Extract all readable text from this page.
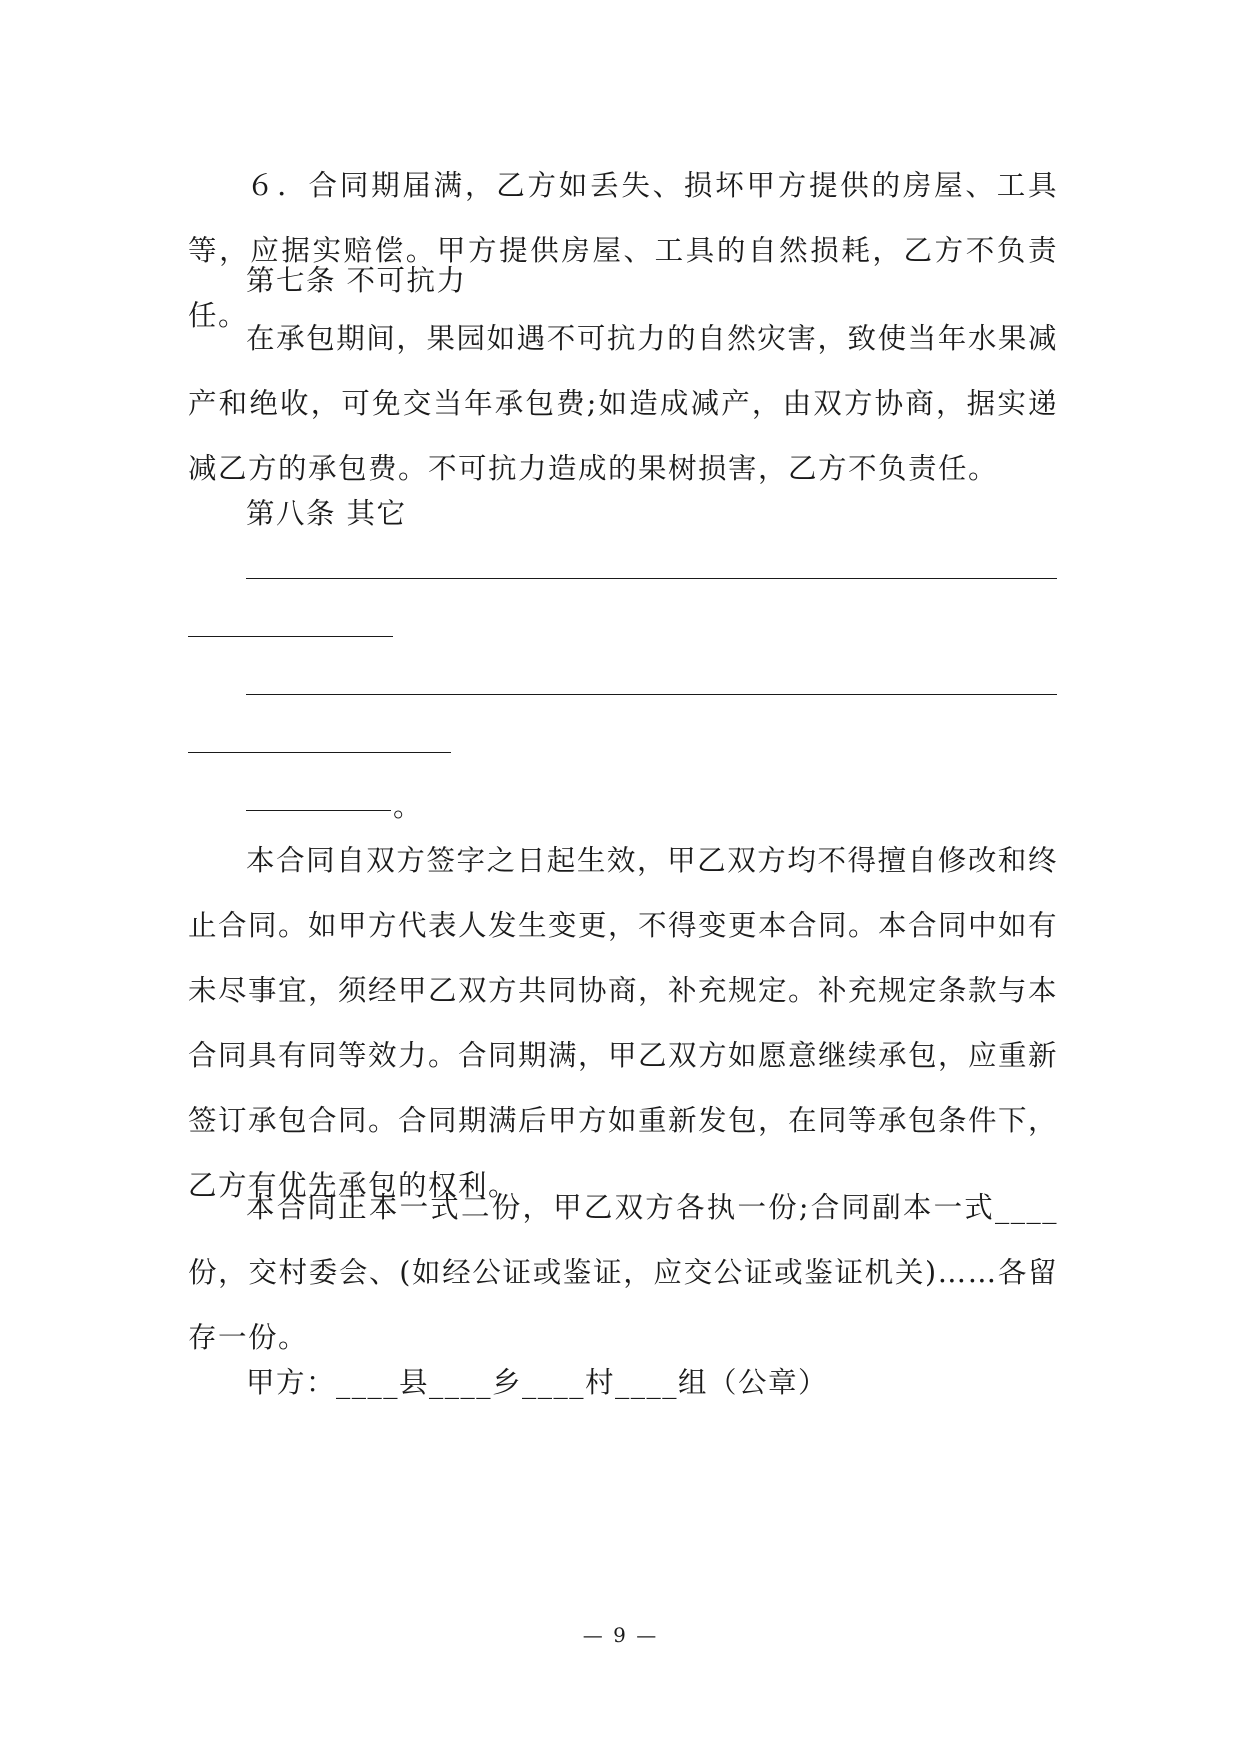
６．合同期届满，乙方如丢失、损坏甲方提供的房屋、工具等，应据实赔偿。甲方提供房屋、工具的自然损耗，乙方不负责任。

第七条 不可抗力

在承包期间，果园如遇不可抗力的自然灾害，致使当年水果减产和绝收，可免交当年承包费;如造成减产，由双方协商，据实递减乙方的承包费。不可抗力造成的果树损害，乙方不负责任。

第八条 其它

。

本合同自双方签字之日起生效，甲乙双方均不得擅自修改和终止合同。如甲方代表人发生变更，不得变更本合同。本合同中如有未尽事宜，须经甲乙双方共同协商，补充规定。补充规定条款与本合同具有同等效力。合同期满，甲乙双方如愿意继续承包，应重新签订承包合同。合同期满后甲方如重新发包，在同等承包条件下，乙方有优先承包的权利。

本合同正本一式二份，甲乙双方各执一份;合同副本一式____份，交村委会、(如经公证或鉴证，应交公证或鉴证机关)……各留存一份。

甲方：____县____乡____村____组（公章）

— 9 —
